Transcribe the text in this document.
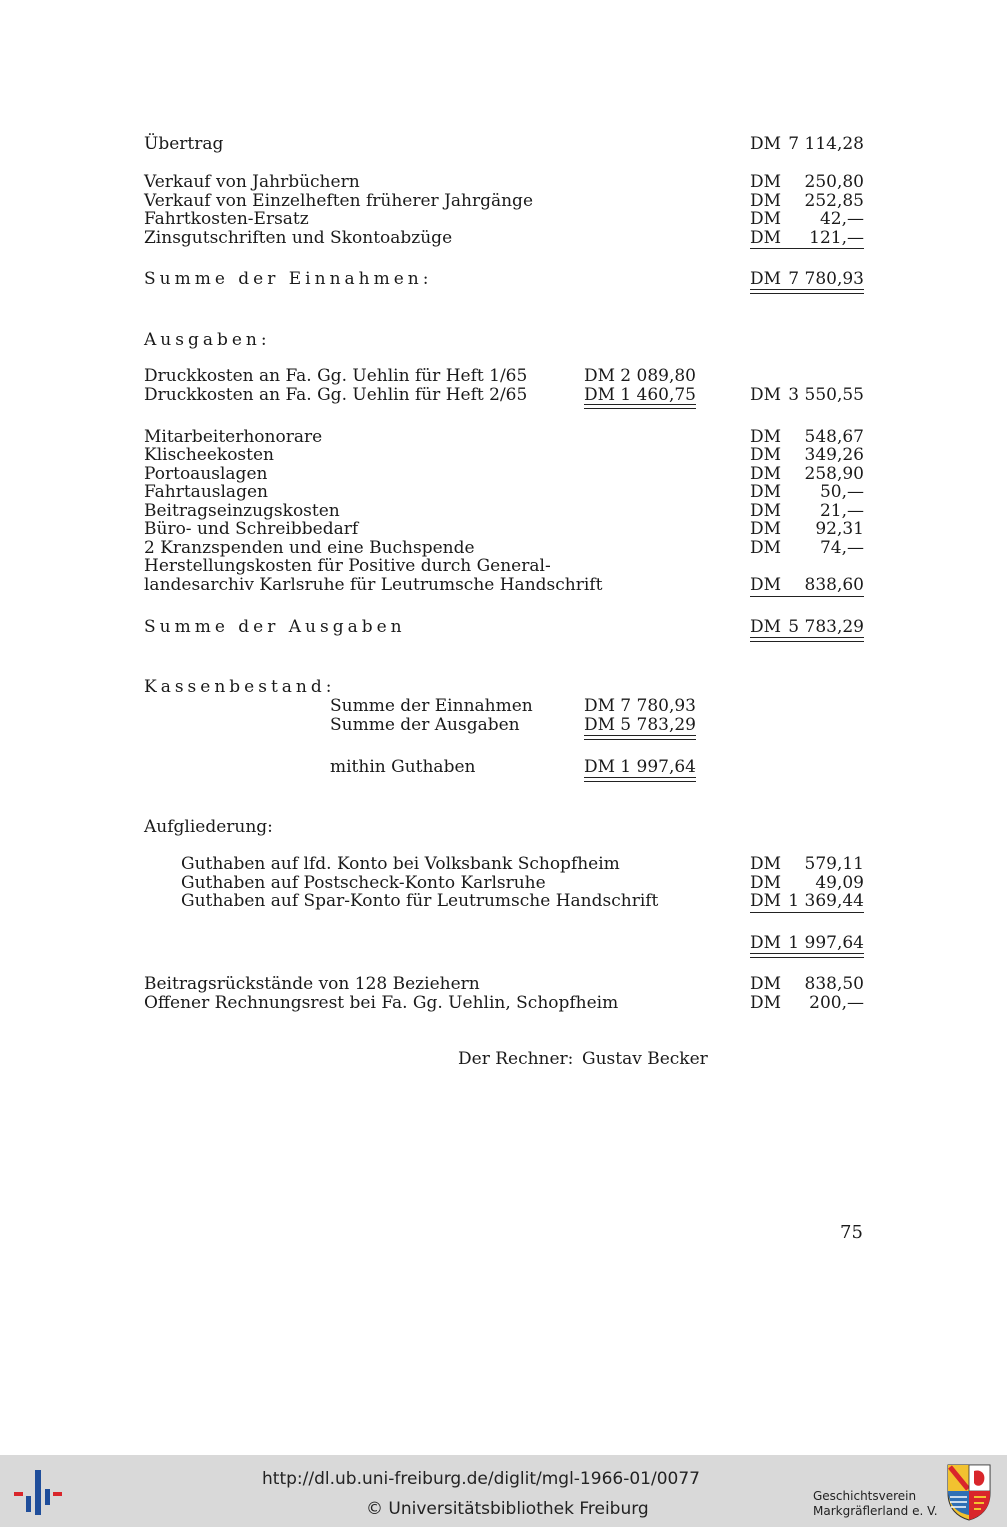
Übertrag	DM 7 114,28
Verkauf von Jahrbüchern	DM	250,80
Verkauf von Einzelheften früherer Jahrgänge	DM	252,85
Fahrtkosten-Ersatz	DM	42,—
Zinsgutschriften und Skontoabzüge	DM	121,—
Summe der Einnahmen:	DM 7 780,93
Ausgaben:
Druckkosten an Fa. Gg. Uehlin für Heft 1/65	DM 2 089,80
Druckkosten an Fa. Gg. Uehlin für Heft 2/65	DM 1 460,75	DM 3 550,55
Mitarbeiterhonorare	DM	548,67
Klischeekosten	DM	349,26
Portoauslagen	DM	258,90
Fahrtauslagen	DM	50,—
Beitragseinzugskosten	DM	21,—
Büro- und Schreibbedarf	DM	92,31
2 Kranzspenden und eine Buchspende	DM	74,—
Herstellungskosten für Positive durch General-
landesarchiv Karlsruhe für Leutrumsche Handschrift	DM	838,60
Summe der Ausgaben	DM 5 783,29
Kassenbestand:
Summe der Einnahmen	DM 7 780,93
Summe der Ausgaben	DM 5 783,29
mithin Guthaben	DM 1 997,64
Aufgliederung:
Guthaben auf lfd. Konto bei Volksbank Schopfheim	DM	579,11
Guthaben auf Postscheck-Konto Karlsruhe	DM	49,09
Guthaben auf Spar-Konto für Leutrumsche Handschrift	DM 1 369,44
DM 1 997,64
Beitragsrückstände von 128 Beziehern	DM	838,50
Offener Rechnungsrest bei Fa. Gg. Uehlin, Schopfheim	DM	200,—
Der Rechner: Gustav Becker
75
http://dl.ub.uni-freiburg.de/diglit/mgl-1966-01/0077
© Universitätsbibliothek Freiburg
Geschichtsverein
Markgräflerland e. V.
